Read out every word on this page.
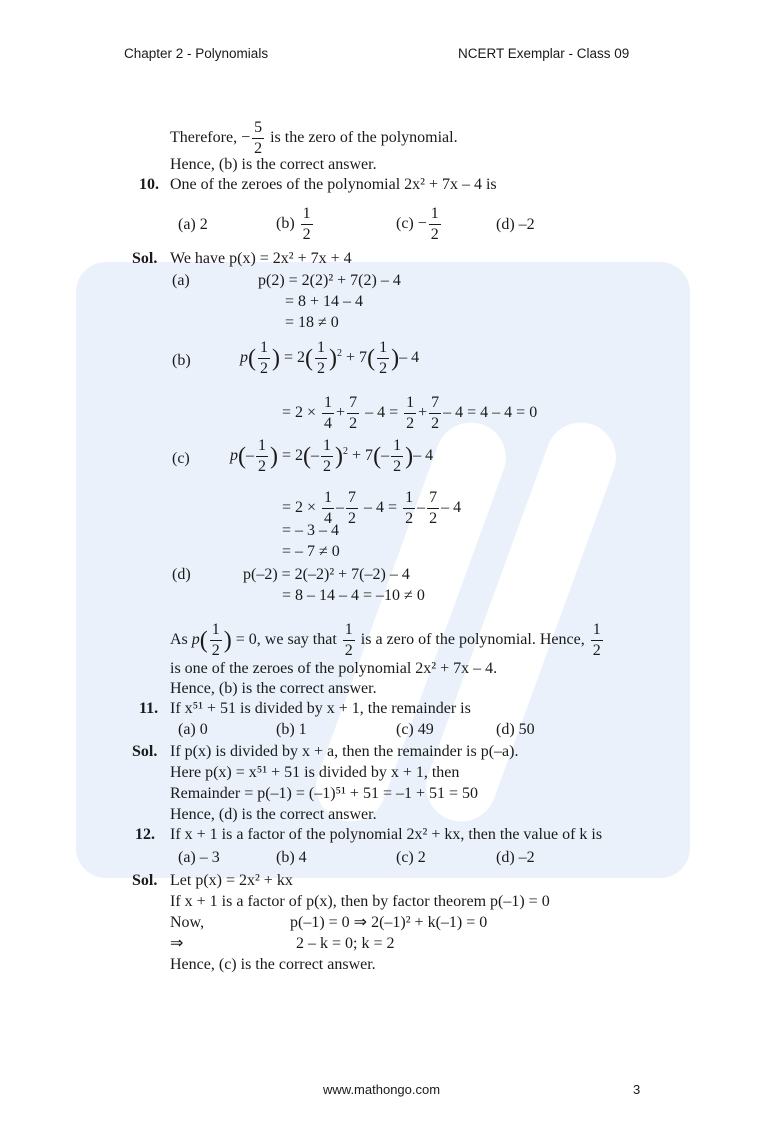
Chapter 2 - Polynomials	NCERT Exemplar - Class 09
Therefore, − $\frac{5}{2}$ is the zero of the polynomial.
Hence, (b) is the correct answer.
10. One of the zeroes of the polynomial 2x² + 7x – 4 is
(a) 2	$(b) \frac{1}{2}$	$(c) - \frac{1}{2}$	(d) –2
Sol. We have p(x) = 2x² + 7x + 4
(a)	p(2) = 2(2)² + 7(2) – 4
= 8 + 14 – 4
= 18 ≠ 0
(b)	$p( \frac{1}{2}$ ) = $2( \frac{1}{2} )^2 + 7( \frac{1}{2}$ )– 4
= $2 \times \frac{1}{4} + \frac{7}{2} - 4 = \frac{1}{2} + \frac{7}{2} - 4 = 4 - 4 = 0$
(c)	$p(- \frac{1}{2}$ ) = $2(- \frac{1}{2} )^2 + 7(- \frac{1}{2}$ )– 4
= $2 \times \frac{1}{4} - \frac{7}{2} - 4 = \frac{1}{2} - \frac{7}{2} - 4$
= – 3 – 4
= – 7 ≠ 0
(d)	p(–2) = 2(–2)² + 7(–2) – 4
= 8 – 14 – 4 = –10 ≠ 0
As $p( \frac{1}{2}$ ) = 0, we say that $\frac{1}{2}$ is a zero of the polynomial. Hence, $\frac{1}{2}$
is one of the zeroes of the polynomial 2x² + 7x – 4.
Hence, (b) is the correct answer.
11. If x⁵¹ + 51 is divided by x + 1, the remainder is
(a) 0	(b) 1	(c) 49	(d) 50
Sol. If p(x) is divided by x + a, then the remainder is p(–a).
Here p(x) = x⁵¹ + 51 is divided by x + 1, then
Remainder = p(–1) = (–1)⁵¹ + 51 = –1 + 51 = 50
Hence, (d) is the correct answer.
12. If x + 1 is a factor of the polynomial 2x² + kx, then the value of k is
(a) – 3	(b) 4	(c) 2	(d) –2
Sol. Let p(x) = 2x² + kx
If x + 1 is a factor of p(x), then by factor theorem p(–1) = 0
Now,	p(–1) = 0 ⇒ 2(–1)² + k(–1) = 0
⇒	2 – k = 0; k = 2
Hence, (c) is the correct answer.
www.mathongo.com	3
